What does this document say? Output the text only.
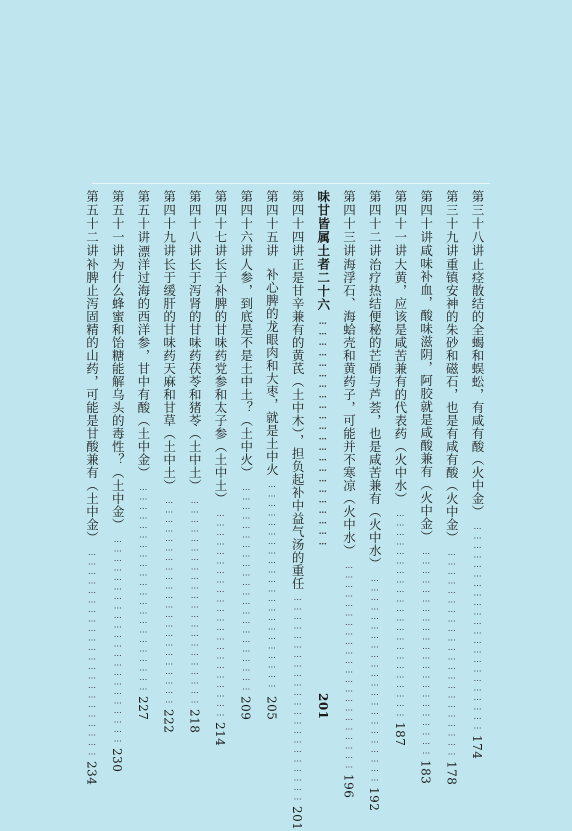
第三十八讲
止痉散结的全蝎和蜈蚣，有咸有酸（火中金）
…………………………………………………………
174
第三十九讲
重镇安神的朱砂和磁石，也是有咸有酸（火中金）
…………………………………………………………
178
第四十讲
咸味补血，酸味滋阴，阿胶就是咸酸兼有（火中金）
…………………………………………………………
183
第四十一讲
大黄，应该是咸苦兼有的代表药（火中水）
…………………………………………………………
187
第四十二讲
治疗热结便秘的芒硝与芦荟，也是咸苦兼有（火中水）
…………………………………………………………
192
第四十三讲
海浮石、海蛤壳和黄药子，可能并不寒凉（火中水）
…………………………………………………………
196
味甘皆属土者二十六
…………………………………………………………
201
第四十四讲
正是甘辛兼有的黄芪（土中木），担负起补中益气汤的重任
…………………………………………………………
201
第四十五讲
补心脾的龙眼肉和大枣，就是土中火
…………………………………………………………
205
第四十六讲
人参，到底是不是土中土？（土中火）
…………………………………………………………
209
第四十七讲
长于补脾的甘味药党参和太子参（土中土）
…………………………………………………………
214
第四十八讲
长于泻肾的甘味药茯苓和猪苓（土中土）
…………………………………………………………
218
第四十九讲
长于缓肝的甘味药天麻和甘草（土中土）
…………………………………………………………
222
第五十讲
漂洋过海的西洋参，甘中有酸（土中金）
…………………………………………………………
227
第五十一讲
为什么蜂蜜和饴糖能解乌头的毒性？（土中金）
…………………………………………………………
230
第五十二讲
补脾止泻固精的山药，可能是甘酸兼有（土中金）
…………………………………………………………
234
